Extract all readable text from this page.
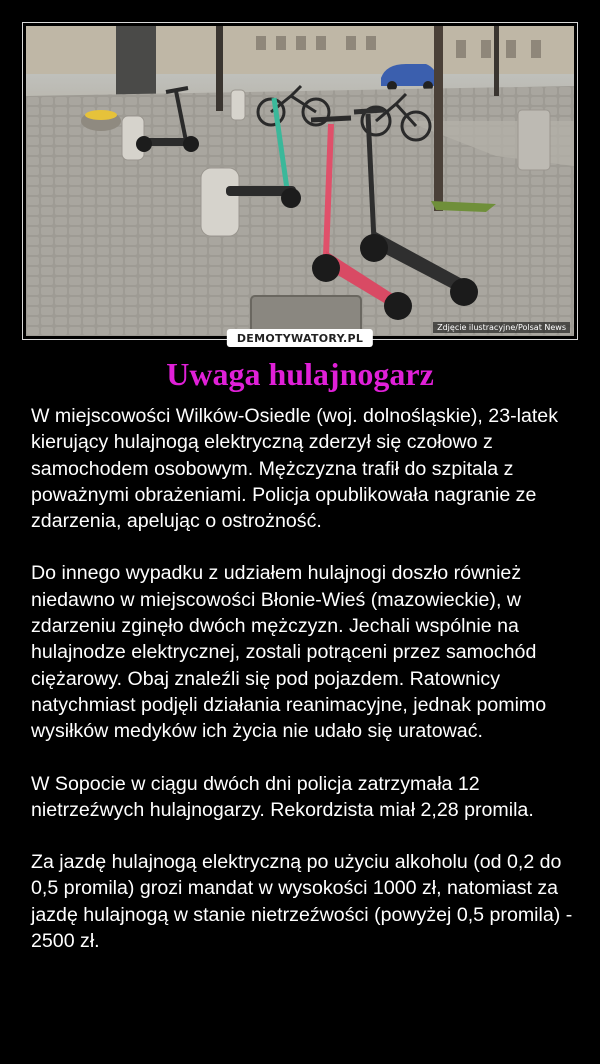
Zdjęcie ilustracyjne/Polsat News
DEMOTYWATORY.PL
Uwaga hulajnogarz

W miejscowości Wilków-Osiedle (woj. dolnośląskie), 23-latek kierujący hulajnogą elektryczną zderzył się czołowo z samochodem osobowym. Mężczyzna trafił do szpitala z poważnymi obrażeniami. Policja opublikowała nagranie ze zdarzenia, apelując o ostrożność.

Do innego wypadku z udziałem hulajnogi doszło również niedawno w miejscowości Błonie-Wieś (mazowieckie), w zdarzeniu zginęło dwóch mężczyzn. Jechali wspólnie na hulajnodze elektrycznej, zostali potrąceni przez samochód ciężarowy. Obaj znaleźli się pod pojazdem. Ratownicy natychmiast podjęli działania reanimacyjne, jednak pomimo wysiłków medyków ich życia nie udało się uratować.

W Sopocie w ciągu dwóch dni policja zatrzymała 12 nietrzeźwych hulajnogarzy. Rekordzista miał 2,28 promila.

Za jazdę hulajnogą elektryczną po użyciu alkoholu (od 0,2 do 0,5 promila) grozi mandat w wysokości 1000 zł, natomiast za jazdę hulajnogą w stanie nietrzeźwości (powyżej 0,5 promila) - 2500 zł.
